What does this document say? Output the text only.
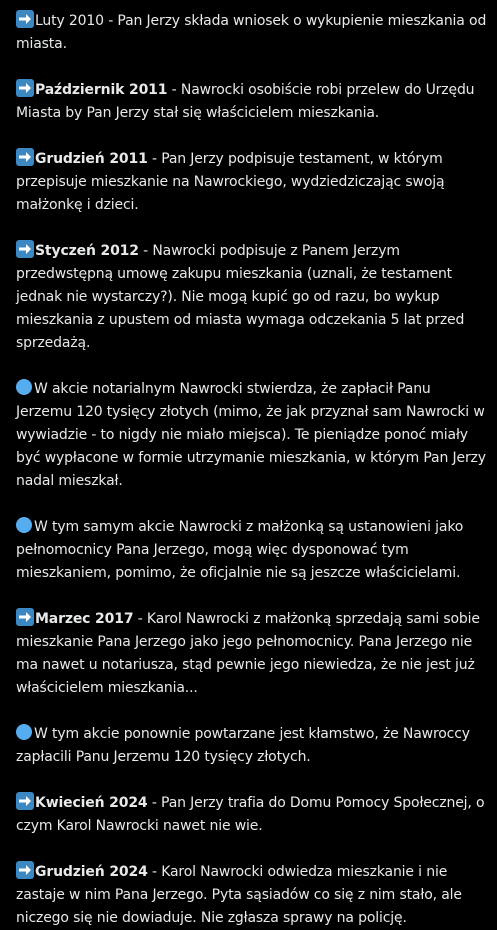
Luty 2010 - Pan Jerzy składa wniosek o wykupienie mieszkania od miasta.

Październik 2011 - Nawrocki osobiście robi przelew do Urzędu Miasta by Pan Jerzy stał się właścicielem mieszkania.

Grudzień 2011 - Pan Jerzy podpisuje testament, w którym przepisuje mieszkanie na Nawrockiego, wydziedziczając swoją małżonkę i dzieci.

Styczeń 2012 - Nawrocki podpisuje z Panem Jerzym przedwstępną umowę zakupu mieszkania (uznali, że testament jednak nie wystarczy?). Nie mogą kupić go od razu, bo wykup mieszkania z upustem od miasta wymaga odczekania 5 lat przed sprzedażą.

W akcie notarialnym Nawrocki stwierdza, że zapłacił Panu Jerzemu 120 tysięcy złotych (mimo, że jak przyznał sam Nawrocki w wywiadzie - to nigdy nie miało miejsca). Te pieniądze ponoć miały być wypłacone w formie utrzymanie mieszkania, w którym Pan Jerzy nadal mieszkał.

W tym samym akcie Nawrocki z małżonką są ustanowieni jako pełnomocnicy Pana Jerzego, mogą więc dysponować tym mieszkaniem, pomimo, że oficjalnie nie są jeszcze właścicielami.

Marzec 2017 - Karol Nawrocki z małżonką sprzedają sami sobie mieszkanie Pana Jerzego jako jego pełnomocnicy. Pana Jerzego nie ma nawet u notariusza, stąd pewnie jego niewiedza, że nie jest już właścicielem mieszkania...

W tym akcie ponownie powtarzane jest kłamstwo, że Nawroccy zapłacili Panu Jerzemu 120 tysięcy złotych.

Kwiecień 2024 - Pan Jerzy trafia do Domu Pomocy Społecznej, o czym Karol Nawrocki nawet nie wie.

Grudzień 2024 - Karol Nawrocki odwiedza mieszkanie i nie zastaje w nim Pana Jerzego. Pyta sąsiadów co się z nim stało, ale niczego się nie dowiaduje. Nie zgłasza sprawy na policję.
